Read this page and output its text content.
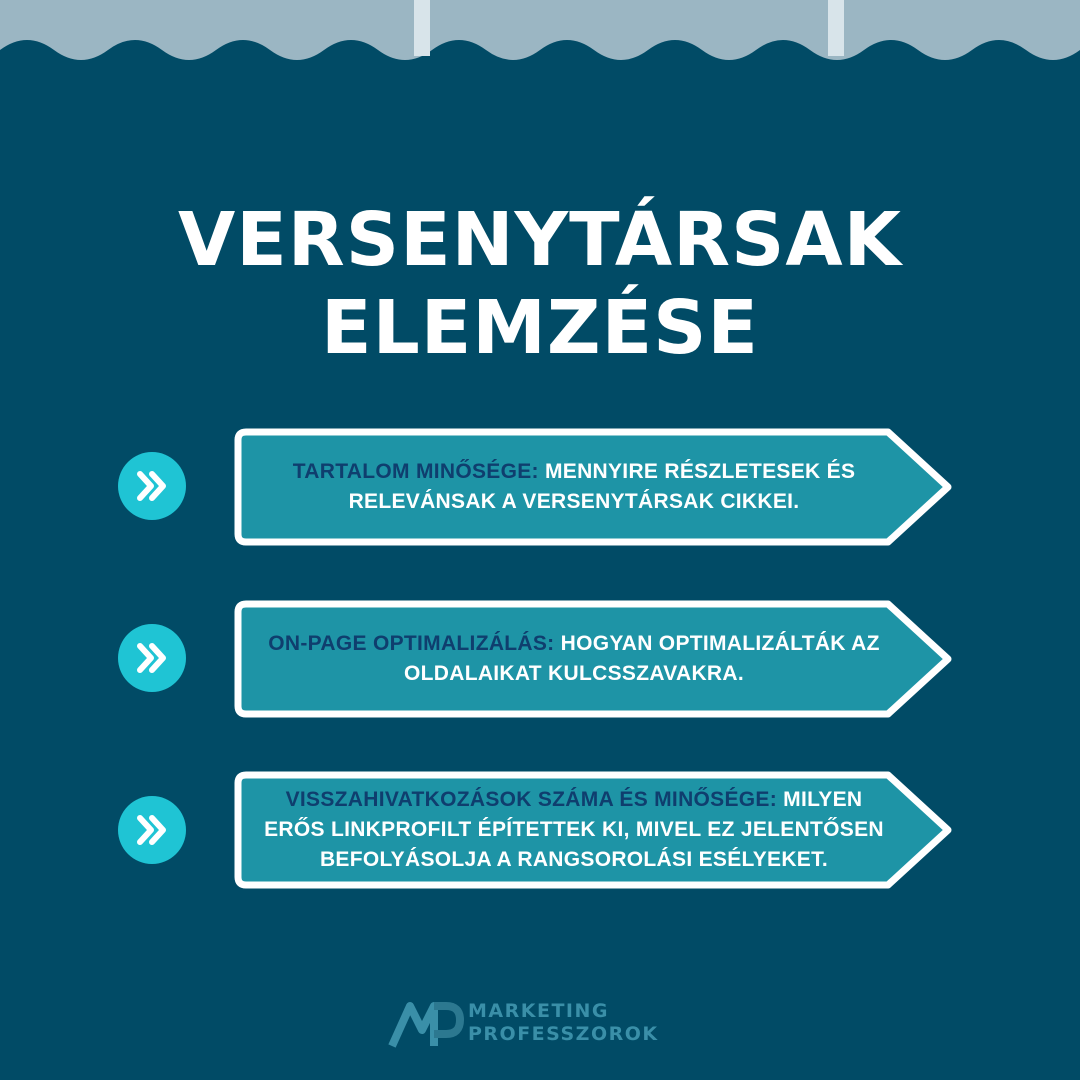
VERSENYTÁRSAK
ELEMZÉSE

TARTALOM MINŐSÉGE: MENNYIRE RÉSZLETESEK ÉS RELEVÁNSAK A VERSENYTÁRSAK CIKKEI.

ON-PAGE OPTIMALIZÁLÁS: HOGYAN OPTIMALIZÁLTÁK AZ OLDALAIKAT KULCSSZAVAKRA.

VISSZAHIVATKOZÁSOK SZÁMA ÉS MINŐSÉGE: MILYEN ERŐS LINKPROFILT ÉPÍTETTEK KI, MIVEL EZ JELENTŐSEN BEFOLYÁSOLJA A RANGSOROLÁSI ESÉLYEKET.

MARKETING
PROFESSZOROK
